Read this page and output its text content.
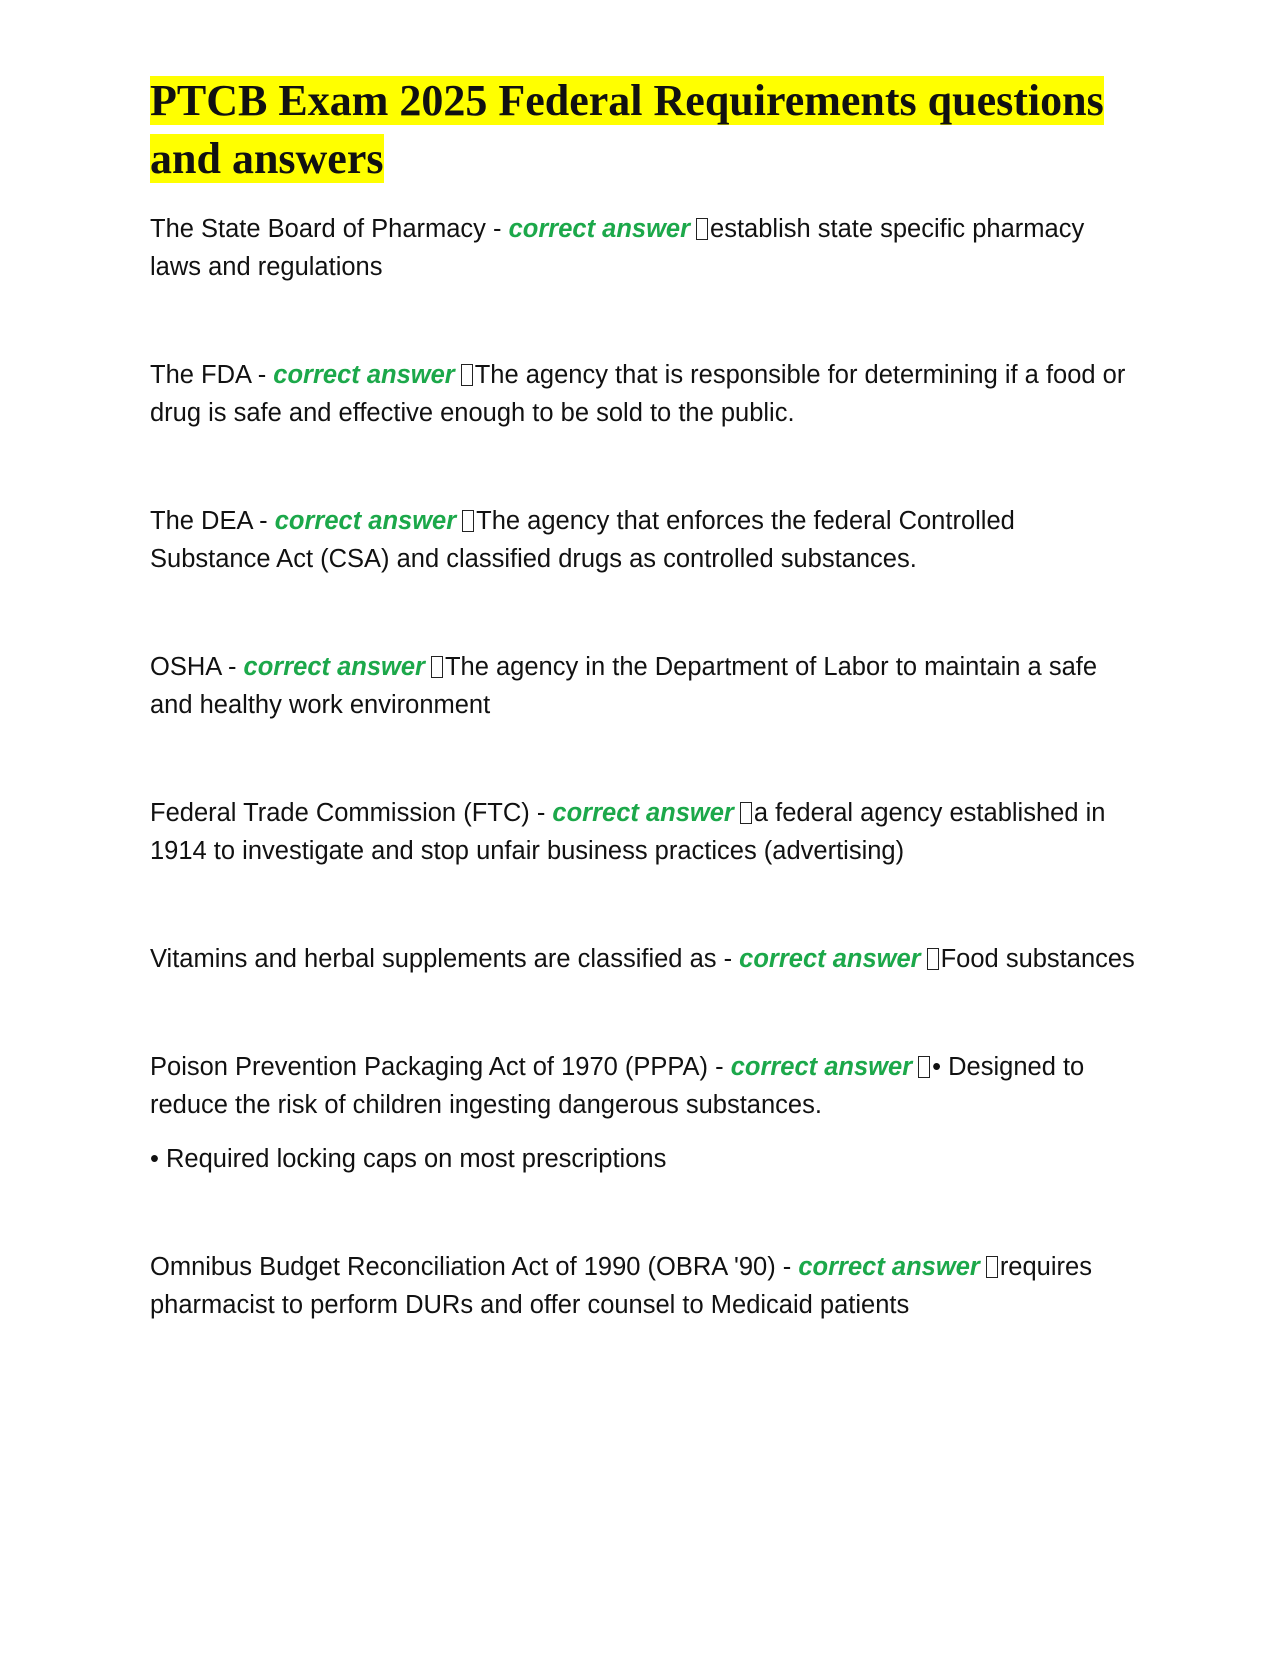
PTCB Exam 2025 Federal Requirements questions and answers

The State Board of Pharmacy - correct answer establish state specific pharmacy laws and regulations

The FDA - correct answer The agency that is responsible for determining if a food or drug is safe and effective enough to be sold to the public.

The DEA - correct answer The agency that enforces the federal Controlled Substance Act (CSA) and classified drugs as controlled substances.

OSHA - correct answer The agency in the Department of Labor to maintain a safe and healthy work environment

Federal Trade Commission (FTC) - correct answer a federal agency established in 1914 to investigate and stop unfair business practices (advertising)

Vitamins and herbal supplements are classified as - correct answer Food substances

Poison Prevention Packaging Act of 1970 (PPPA) - correct answer • Designed to reduce the risk of children ingesting dangerous substances.

• Required locking caps on most prescriptions

Omnibus Budget Reconciliation Act of 1990 (OBRA '90) - correct answer requires pharmacist to perform DURs and offer counsel to Medicaid patients
